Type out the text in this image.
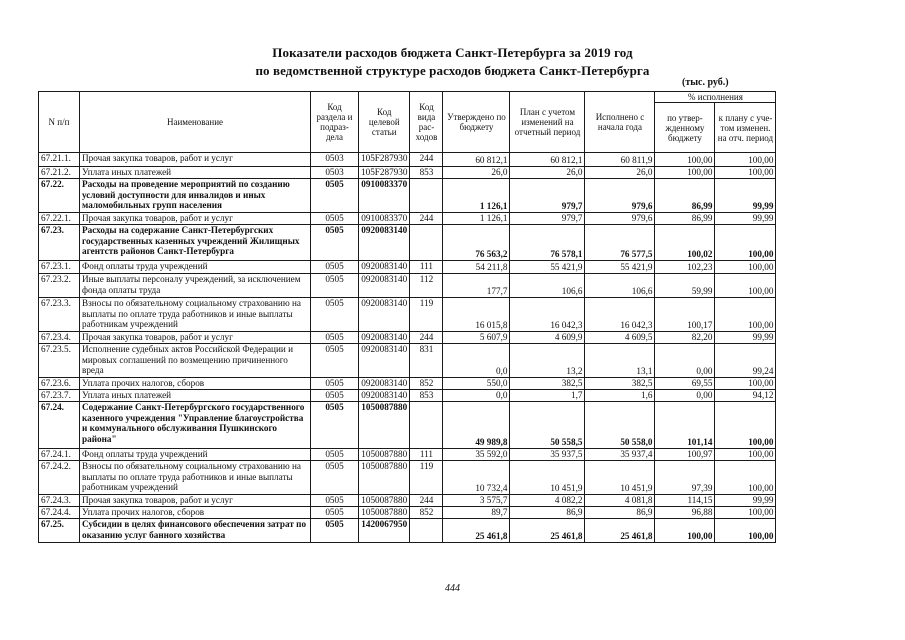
Показатели расходов бюджета Санкт-Петербурга за 2019 год
по ведомственной структуре расходов бюджета Санкт-Петербурга
(тыс. руб.)
N п/п	Наименование	Код раздела и подраз- дела	Код целевой статьи	Код вида рас- ходов	Утверждено по бюджету	План с учетом изменений на отчетный период	Исполнено с начала года	% исполнения	
								по утвер- жденному бюджету	к плану с уче- том изменен. на отч. период
67.21.1.	Прочая закупка товаров, работ и услуг	0503	105F287930	244	60 812,1	60 812,1	60 811,9	100,00	100,00
67.21.2.	Уплата иных платежей	0503	105F287930	853	26,0	26,0	26,0	100,00	100,00
67.22.	Расходы на проведение мероприятий по созданию условий доступности для инвалидов и иных маломобильных групп населения	0505	0910083370		1 126,1	979,7	979,6	86,99	99,99
67.22.1.	Прочая закупка товаров, работ и услуг	0505	0910083370	244	1 126,1	979,7	979,6	86,99	99,99
67.23.	Расходы на содержание Санкт-Петербургских государственных казенных учреждений Жилищных агентств районов Санкт-Петербурга	0505	0920083140		76 563,2	76 578,1	76 577,5	100,02	100,00
67.23.1.	Фонд оплаты труда учреждений	0505	0920083140	111	54 211,8	55 421,9	55 421,9	102,23	100,00
67.23.2.	Иные выплаты персоналу учреждений, за исключением фонда оплаты труда	0505	0920083140	112	177,7	106,6	106,6	59,99	100,00
67.23.3.	Взносы по обязательному социальному страхованию на выплаты по оплате труда работников и иные выплаты работникам учреждений	0505	0920083140	119	16 015,8	16 042,3	16 042,3	100,17	100,00
67.23.4.	Прочая закупка товаров, работ и услуг	0505	0920083140	244	5 607,9	4 609,9	4 609,5	82,20	99,99
67.23.5.	Исполнение судебных актов Российской Федерации и мировых соглашений по возмещению причиненного вреда	0505	0920083140	831	0,0	13,2	13,1	0,00	99,24
67.23.6.	Уплата прочих налогов, сборов	0505	0920083140	852	550,0	382,5	382,5	69,55	100,00
67.23.7.	Уплата иных платежей	0505	0920083140	853	0,0	1,7	1,6	0,00	94,12
67.24.	Содержание Санкт-Петербургского государственного казенного учреждения "Управление благоустройства и коммунального обслуживания Пушкинского района"	0505	1050087880		49 989,8	50 558,5	50 558,0	101,14	100,00
67.24.1.	Фонд оплаты труда учреждений	0505	1050087880	111	35 592,0	35 937,5	35 937,4	100,97	100,00
67.24.2.	Взносы по обязательному социальному страхованию на выплаты по оплате труда работников и иные выплаты работникам учреждений	0505	1050087880	119	10 732,4	10 451,9	10 451,9	97,39	100,00
67.24.3.	Прочая закупка товаров, работ и услуг	0505	1050087880	244	3 575,7	4 082,2	4 081,8	114,15	99,99
67.24.4.	Уплата прочих налогов, сборов	0505	1050087880	852	89,7	86,9	86,9	96,88	100,00
67.25.	Субсидии в целях финансового обеспечения затрат по оказанию услуг банного хозяйства	0505	1420067950		25 461,8	25 461,8	25 461,8	100,00	100,00
444
